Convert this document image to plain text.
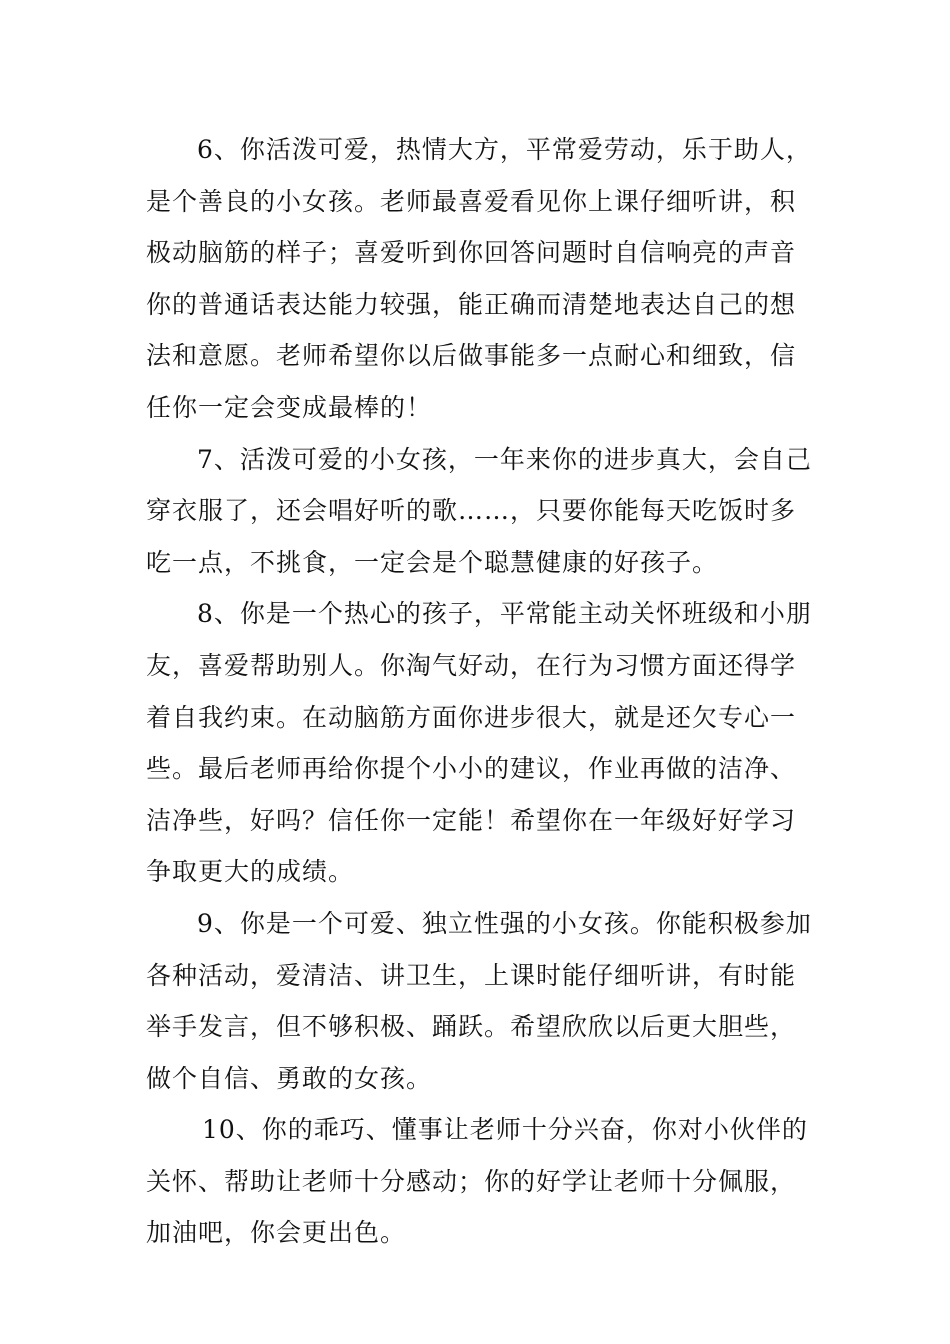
6、你活泼可爱，热情大方，平常爱劳动，乐于助人，
是个善良的小女孩。老师最喜爱看见你上课仔细听讲，积
极动脑筋的样子；喜爱听到你回答问题时自信响亮的声音
你的普通话表达能力较强，能正确而清楚地表达自己的想
法和意愿。老师希望你以后做事能多一点耐心和细致，信
任你一定会变成最棒的！

7、活泼可爱的小女孩，一年来你的进步真大，会自己
穿衣服了，还会唱好听的歌……，只要你能每天吃饭时多
吃一点，不挑食，一定会是个聪慧健康的好孩子。

8、你是一个热心的孩子，平常能主动关怀班级和小朋
友，喜爱帮助别人。你淘气好动，在行为习惯方面还得学
着自我约束。在动脑筋方面你进步很大，就是还欠专心一
些。最后老师再给你提个小小的建议，作业再做的洁净、
洁净些，好吗？信任你一定能！希望你在一年级好好学习
争取更大的成绩。

9、你是一个可爱、独立性强的小女孩。你能积极参加
各种活动，爱清洁、讲卫生，上课时能仔细听讲，有时能
举手发言，但不够积极、踊跃。希望欣欣以后更大胆些，
做个自信、勇敢的女孩。

10、你的乖巧、懂事让老师十分兴奋，你对小伙伴的
关怀、帮助让老师十分感动；你的好学让老师十分佩服，
加油吧，你会更出色。
